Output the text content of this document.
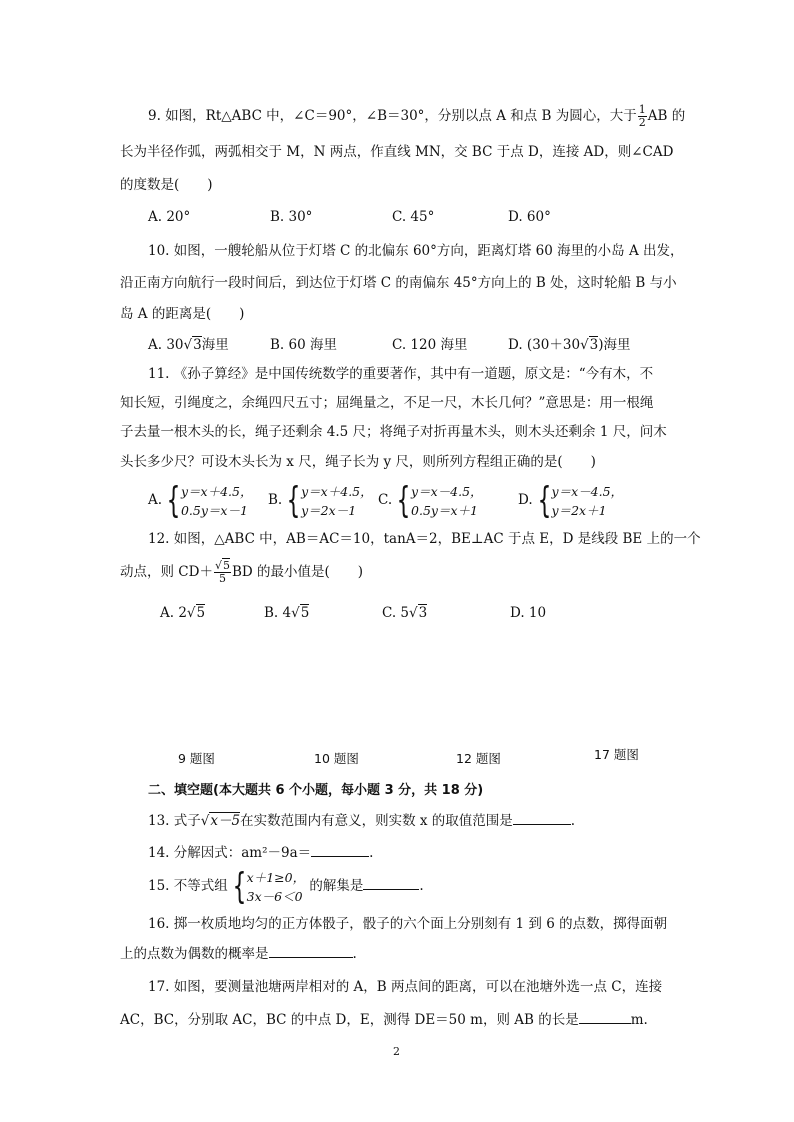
9. 如图，Rt△ABC 中，∠C＝90°，∠B＝30°，分别以点 A 和点 B 为圆心，大于 $\frac{1}{2}$ AB 的
长为半径作弧，两弧相交于 M，N 两点，作直线 MN，交 BC 于点 D，连接 AD，则∠CAD
的度数是( )
A. 20°	B. 30°	C. 45°	D. 60°
10. 如图，一艘轮船从位于灯塔 C 的北偏东 60°方向，距离灯塔 60 海里的小岛 A 出发，
沿正南方向航行一段时间后，到达位于灯塔 C 的南偏东 45°方向上的 B 处，这时轮船 B 与小
岛 A 的距离是( )
A. 30√3海里	B. 60 海里	C. 120 海里	D. (30＋30√3)海里
11. 《孙子算经》是中国传统数学的重要著作，其中有一道题，原文是：“今有木，不
知长短，引绳度之，余绳四尺五寸；屈绳量之，不足一尺，木长几何？”意思是：用一根绳
子去量一根木头的长，绳子还剩余 4.5 尺；将绳子对折再量木头，则木头还剩余 1 尺，问木
头长多少尺？可设木头长为 x 尺，绳子长为 y 尺，则所列方程组正确的是( )
A. { y＝x＋4.5，
0.5y＝x－1
B. { y＝x＋4.5，
y＝2x－1
C. { y＝x－4.5，
0.5y＝x＋1
D. { y＝x－4.5，
y＝2x＋1
12. 如图，△ABC 中，AB＝AC＝10，tanA＝2，BE⊥AC 于点 E，D 是线段 BE 上的一个
动点，则 $CD+ \frac{√5}{5}$ BD 的最小值是( )
A. 2√5	B. 4√5	C. 5√3	D. 10
9 题图	10 题图	12 题图	17 题图
二、填空题(本大题共 6 个小题，每小题 3 分，共 18 分)
13. 式子√x－5在实数范围内有意义，则实数 x 的取值范围是	.
14. 分解因式：am²－9a＝	.
15. 不等式组 { x＋1≥0，
3x－6＜0
的解集是	.
16. 掷一枚质地均匀的正方体骰子，骰子的六个面上分别刻有 1 到 6 的点数，掷得面朝
上的点数为偶数的概率是	.
17. 如图，要测量池塘两岸相对的 A，B 两点间的距离，可以在池塘外选一点 C，连接
AC，BC，分别取 AC，BC 的中点 D，E，测得 DE＝50 m，则 AB 的长是	m.
2
